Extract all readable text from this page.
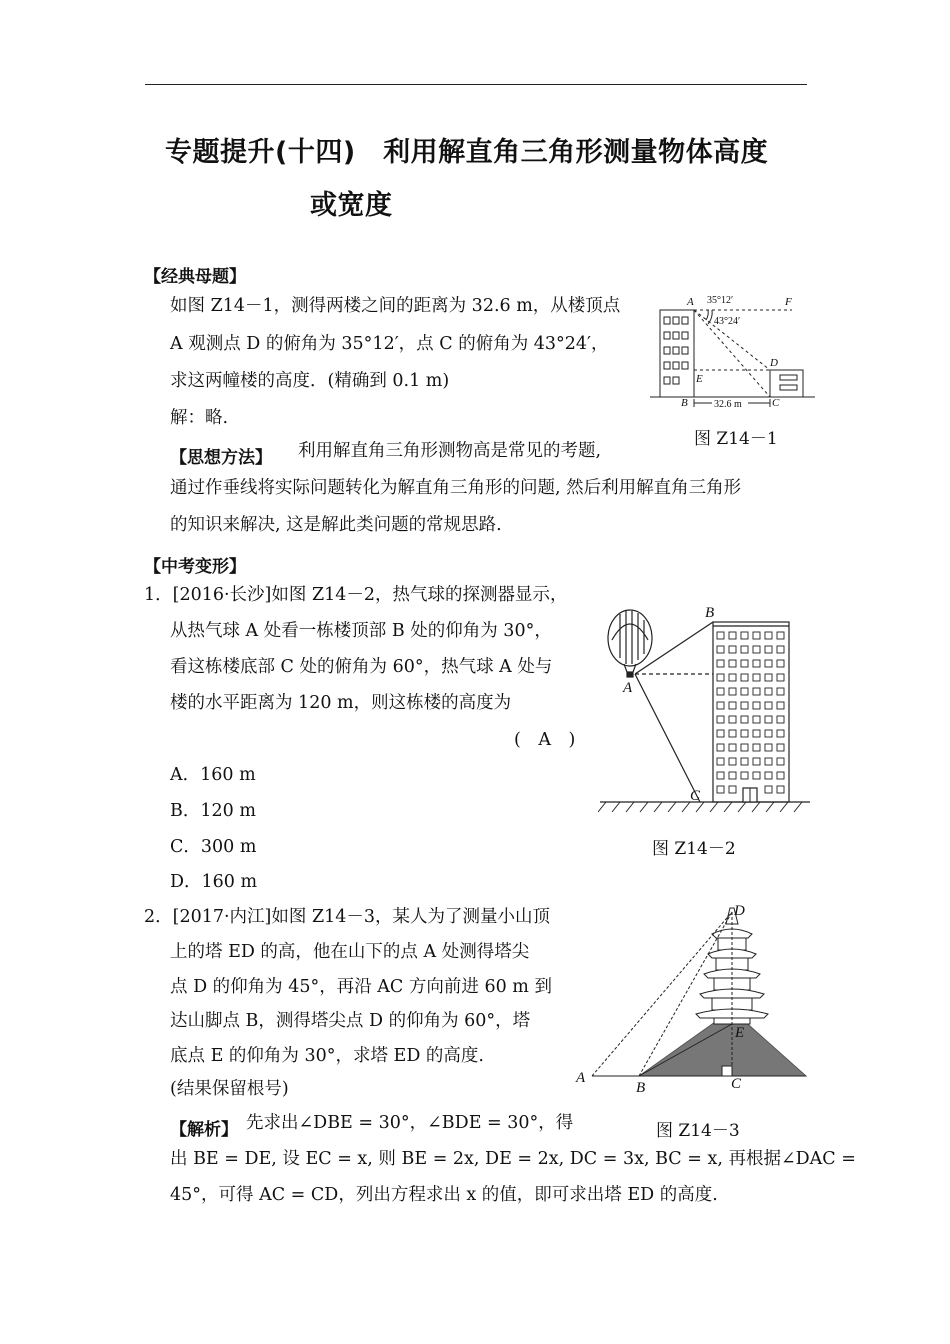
专题提升(十四)　利用解直角三角形测量物体高度
或宽度
【经典母题】
如图 Z14－1，测得两楼之间的距离为 32.6 m，从楼顶点
A 观测点 D 的俯角为 35°12′，点 C 的俯角为 43°24′，
求这两幢楼的高度．(精确到 0.1 m)
解：略.
A	F
D
E
B	C
35°12′
43°24′
32.6 m
图 Z14－1
【思想方法】 利用解直角三角形测物高是常见的考题,
通过作垂线将实际问题转化为解直角三角形的问题, 然后利用解直角三角形
的知识来解决, 这是解此类问题的常规思路.
【中考变形】
1．[2016·长沙]如图 Z14－2，热气球的探测器显示，
从热气球 A 处看一栋楼顶部 B 处的仰角为 30°，
看这栋楼底部 C 处的俯角为 60°，热气球 A 处与
楼的水平距离为 120 m，则这栋楼的高度为
(　A　)
A．160 m
B．120 m
C．300 m
D．160 m
B
A
C
图 Z14－2
2．[2017·内江]如图 Z14－3，某人为了测量小山顶
上的塔 ED 的高，他在山下的点 A 处测得塔尖
点 D 的仰角为 45°，再沿 AC 方向前进 60 m 到
达山脚点 B，测得塔尖点 D 的仰角为 60°，塔
底点 E 的仰角为 30°，求塔 ED 的高度.
(结果保留根号)
【解析】 先求出∠DBE = 30°，∠BDE = 30°，得
出 BE = DE, 设 EC = x, 则 BE = 2x, DE = 2x, DC = 3x, BC = x, 再根据∠DAC =
45°，可得 AC = CD，列出方程求出 x 的值，即可求出塔 ED 的高度.
D
E
A
B	C
图 Z14－3
